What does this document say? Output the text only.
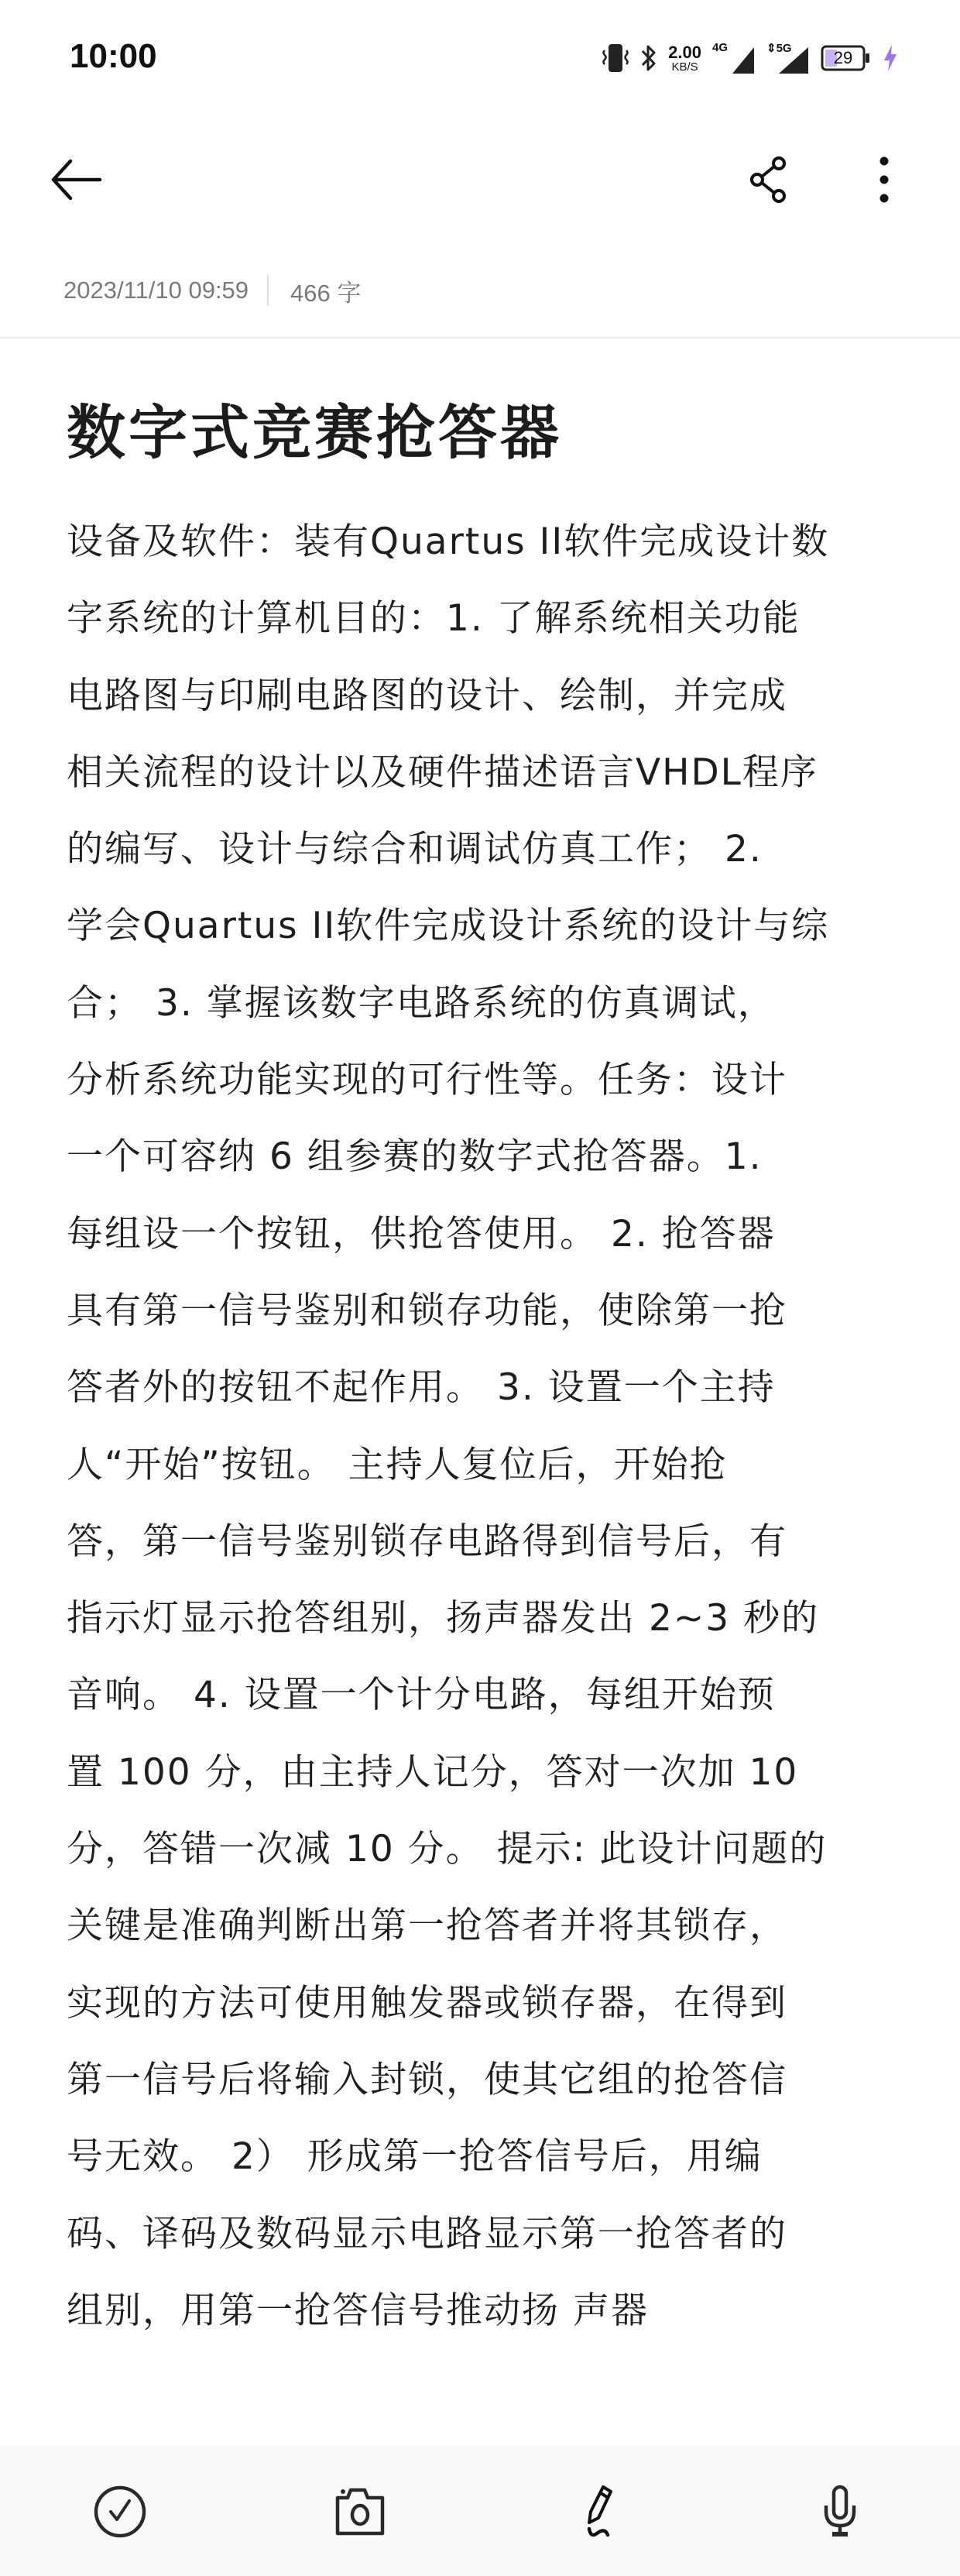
10:00	2.00
KB/S
4G	⇕5G	29
2023/11/10 09:59 466 字
数字式竞赛抢答器
设备及软件：装有Quartus II软件完成设计数
字系统的计算机目的：1. 了解系统相关功能
电路图与印刷电路图的设计、绘制，并完成
相关流程的设计以及硬件描述语言VHDL程序
的编写、设计与综合和调试仿真工作； 2.
学会Quartus II软件完成设计系统的设计与综
合； 3. 掌握该数字电路系统的仿真调试，
分析系统功能实现的可行性等。任务：设计
一个可容纳 6 组参赛的数字式抢答器。1.
每组设一个按钮，供抢答使用。 2. 抢答器
具有第一信号鉴别和锁存功能，使除第一抢
答者外的按钮不起作用。 3. 设置一个主持
人“开始”按钮。 主持人复位后，开始抢
答，第一信号鉴别锁存电路得到信号后，有
指示灯显示抢答组别，扬声器发出 2~3 秒的
音响。 4. 设置一个计分电路，每组开始预
置 100 分，由主持人记分，答对一次加 10
分，答错一次减 10 分。 提示: 此设计问题的
关键是准确判断出第一抢答者并将其锁存，
实现的方法可使用触发器或锁存器，在得到
第一信号后将输入封锁，使其它组的抢答信
号无效。 2） 形成第一抢答信号后，用编
码、译码及数码显示电路显示第一抢答者的
组别，用第一抢答信号推动扬 声器
